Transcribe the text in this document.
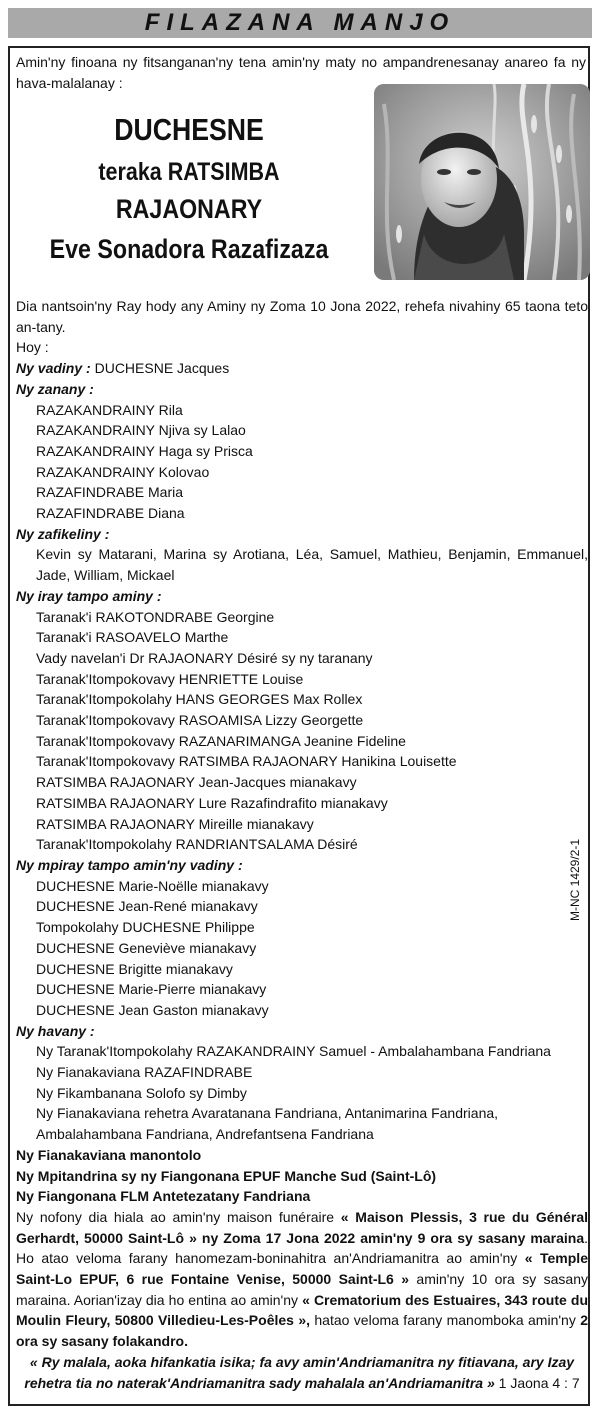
FILAZANA MANJO
Amin'ny finoana ny fitsanganan'ny tena amin'ny maty no ampandrenesanay anareo fa ny hava-malalanay :
DUCHESNE
teraka RATSIMBA
RAJAONARY
Eve Sonadora Razafizaza

Dia nantsoin'ny Ray hody any Aminy ny Zoma 10 Jona 2022, rehefa nivahiny 65 taona teto an-tany.

Hoy :

Ny vadiny : DUCHESNE Jacques

Ny zanany :

RAZAKANDRAINY Rila

RAZAKANDRAINY Njiva sy Lalao

RAZAKANDRAINY Haga sy Prisca

RAZAKANDRAINY Kolovao

RAZAFINDRABE Maria

RAZAFINDRABE Diana

Ny zafikeliny :

Kevin sy Matarani, Marina sy Arotiana, Léa, Samuel, Mathieu, Benjamin, Emmanuel, Jade, William, Mickael

Ny iray tampo aminy :

Taranak'i RAKOTONDRABE Georgine

Taranak'i RASOAVELO Marthe

Vady navelan'i Dr RAJAONARY Désiré sy ny taranany

Taranak'Itompokovavy HENRIETTE Louise

Taranak'Itompokolahy HANS GEORGES Max Rollex

Taranak'Itompokovavy RASOAMISA Lizzy Georgette

Taranak'Itompokovavy RAZANARIMANGA Jeanine Fideline

Taranak'Itompokovavy RATSIMBA RAJAONARY Hanikina Louisette

RATSIMBA RAJAONARY Jean-Jacques mianakavy

RATSIMBA RAJAONARY Lure Razafindrafito mianakavy

RATSIMBA RAJAONARY Mireille mianakavy

Taranak'Itompokolahy RANDRIANTSALAMA Désiré

Ny mpiray tampo amin'ny vadiny :

DUCHESNE Marie-Noëlle mianakavy

DUCHESNE Jean-René mianakavy

Tompokolahy DUCHESNE Philippe

DUCHESNE Geneviève mianakavy

DUCHESNE Brigitte mianakavy

DUCHESNE Marie-Pierre mianakavy

DUCHESNE Jean Gaston mianakavy

Ny havany :

Ny Taranak'Itompokolahy RAZAKANDRAINY Samuel - Ambalahambana Fandriana

Ny Fianakaviana RAZAFINDRABE

Ny Fikambanana Solofo sy Dimby

Ny Fianakaviana rehetra Avaratanana Fandriana, Antanimarina Fandriana, Ambalahambana Fandriana, Andrefantsena Fandriana

Ny Fianakaviana manontolo

Ny Mpitandrina sy ny Fiangonana EPUF Manche Sud (Saint-Lô)

Ny Fiangonana FLM Antetezatany Fandriana

Ny nofony dia hiala ao amin'ny maison funéraire « Maison Plessis, 3 rue du Général Gerhardt, 50000 Saint-Lô » ny Zoma 17 Jona 2022 amin'ny 9 ora sy sasany maraina. Ho atao veloma farany hanomezam-boninahitra an'Andriamanitra ao amin'ny « Temple Saint-Lo EPUF, 6 rue Fontaine Venise, 50000 Saint-L6 » amin'ny 10 ora sy sasany maraina. Aorian'izay dia ho entina ao amin'ny « Crematorium des Estuaires, 343 route du Moulin Fleury, 50800 Villedieu-Les-Poêles », hatao veloma farany manomboka amin'ny 2 ora sy sasany folakandro.

« Ry malala, aoka hifankatia isika; fa avy amin'Andriamanitra ny fitiavana, ary Izay rehetra tia no naterak'Andriamanitra sady mahalala an'Andriamanitra » 1 Jaona 4 : 7

M-NC 1429/2-1
